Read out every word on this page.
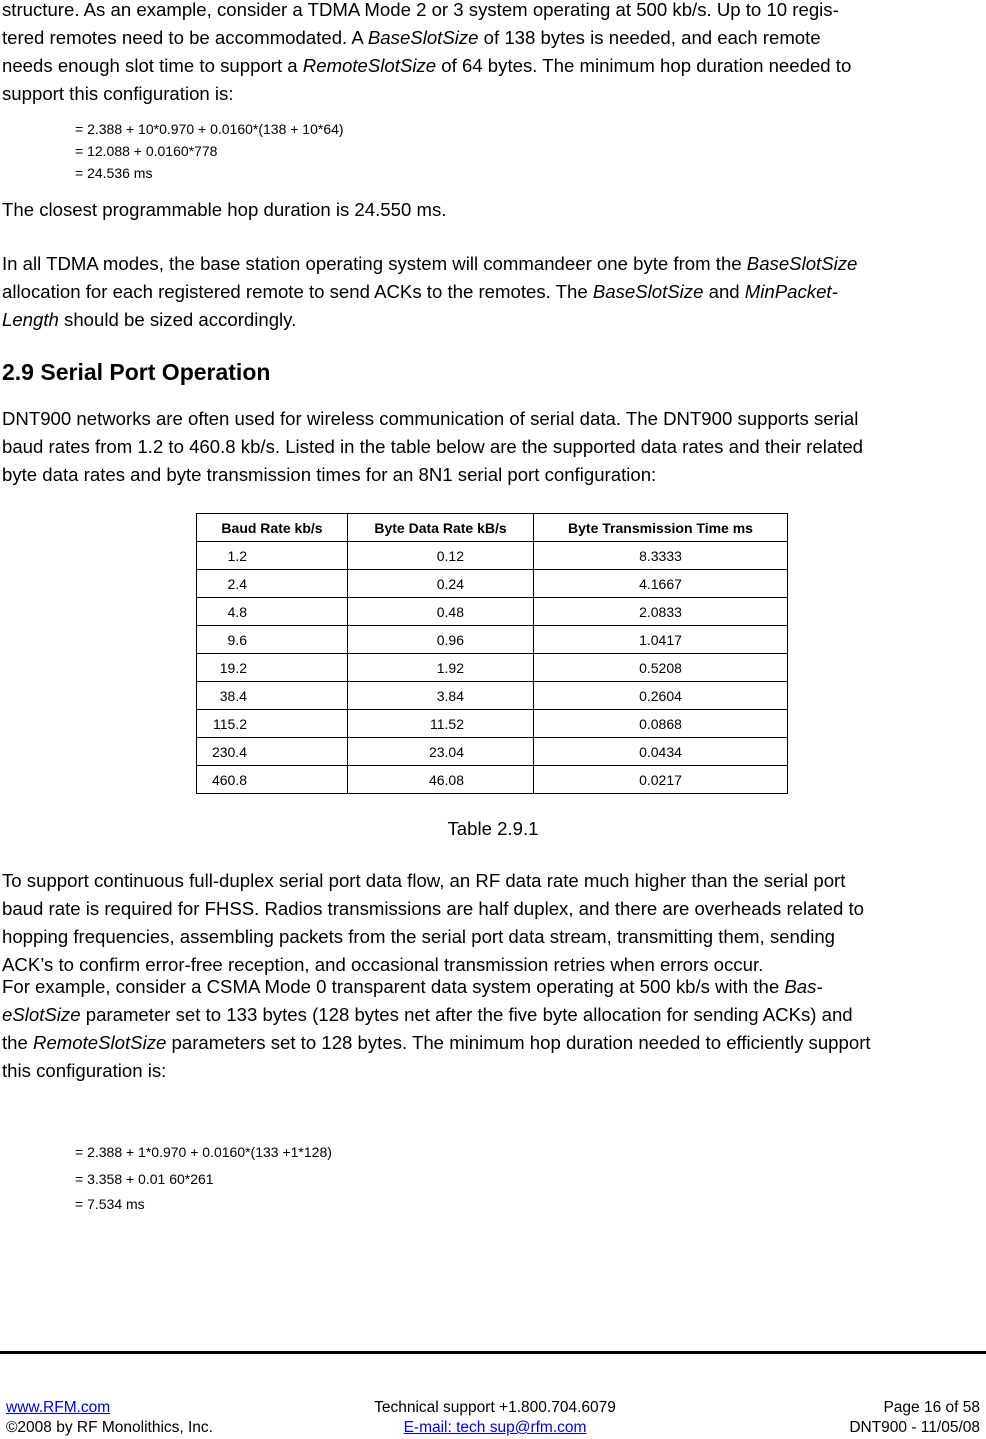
structure. As an example, consider a TDMA Mode 2 or 3 system operating at 500 kb/s. Up to 10 regis-
tered remotes need to be accommodated. A BaseSlotSize of 138 bytes is needed, and each remote
needs enough slot time to support a RemoteSlotSize of 64 bytes. The minimum hop duration needed to
support this configuration is:
= 2.388 + 10*0.970 + 0.0160*(138 + 10*64)
= 12.088 + 0.0160*778
= 24.536 ms

The closest programmable hop duration is 24.550 ms.

In all TDMA modes, the base station operating system will commandeer one byte from the BaseSlotSize
allocation for each registered remote to send ACKs to the remotes. The BaseSlotSize and MinPacket-
Length should be sized accordingly.
2.9 Serial Port Operation
DNT900 networks are often used for wireless communication of serial data. The DNT900 supports serial
baud rates from 1.2 to 460.8 kb/s. Listed in the table below are the supported data rates and their related
byte data rates and byte transmission times for an 8N1 serial port configuration:
Baud Rate kb/s	Byte Data Rate kB/s	Byte Transmission Time ms
1.2	0.12	8.3333
2.4	0.24	4.1667
4.8	0.48	2.0833
9.6	0.96	1.0417
19.2	1.92	0.5208
38.4	3.84	0.2604
115.2	11.52	0.0868
230.4	23.04	0.0434
460.8	46.08	0.0217
Table 2.9.1
To support continuous full-duplex serial port data flow, an RF data rate much higher than the serial port
baud rate is required for FHSS. Radios transmissions are half duplex, and there are overheads related to
hopping frequencies, assembling packets from the serial port data stream, transmitting them, sending
ACK’s to confirm error-free reception, and occasional transmission retries when errors occur.
For example, consider a CSMA Mode 0 transparent data system operating at 500 kb/s with the Bas-
eSlotSize parameter set to 133 bytes (128 bytes net after the five byte allocation for sending ACKs) and
the RemoteSlotSize parameters set to 128 bytes. The minimum hop duration needed to efficiently support
this configuration is:
= 2.388 + 1*0.970 + 0.0160*(133 +1*128)
= 3.358 + 0.01 60*261
= 7.534 ms
www.RFM.com
©2008 by RF Monolithics, Inc.
Technical support +1.800.704.6079
E-mail: tech sup@rfm.com
Page 16 of 58
DNT900 - 11/05/08
